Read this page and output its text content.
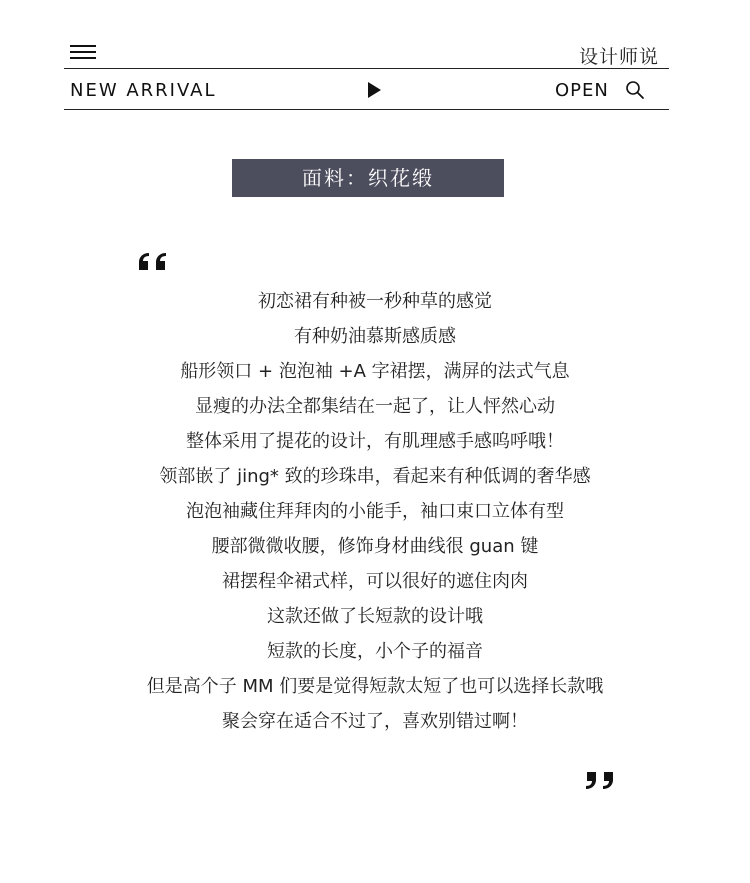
设计师说
NEW ARRIVAL	OPEN
面料：织花缎
初恋裙有种被一秒种草的感觉
有种奶油慕斯感质感
船形领口 + 泡泡袖 +A 字裙摆，满屏的法式气息
显瘦的办法全都集结在一起了，让人怦然心动
整体采用了提花的设计，有肌理感手感呜呼哦！
领部嵌了 jing* 致的珍珠串，看起来有种低调的奢华感
泡泡袖藏住拜拜肉的小能手，袖口束口立体有型
腰部微微收腰，修饰身材曲线很 guan 键
裙摆程伞裙式样，可以很好的遮住肉肉
这款还做了长短款的设计哦
短款的长度，小个子的福音
但是高个子 MM 们要是觉得短款太短了也可以选择长款哦
聚会穿在适合不过了，喜欢别错过啊！
